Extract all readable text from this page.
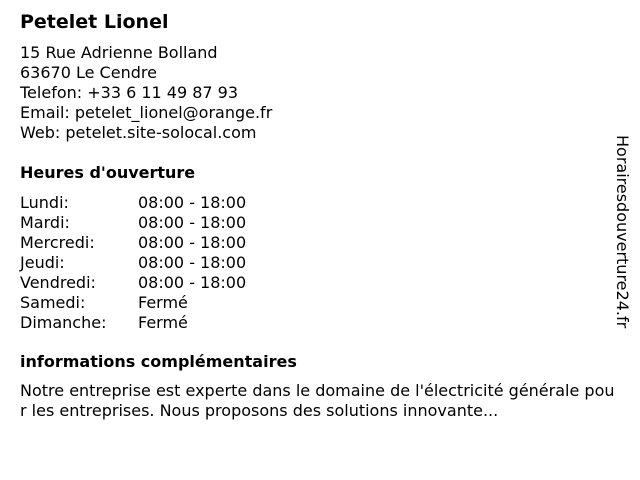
Petelet Lionel
15 Rue Adrienne Bolland
63670 Le Cendre
Telefon: +33 6 11 49 87 93
Email: petelet_lionel@orange.fr
Web: petelet.site-solocal.com
Heures d'ouverture
Lundi:	08:00 - 18:00
Mardi:	08:00 - 18:00
Mercredi:	08:00 - 18:00
Jeudi:	08:00 - 18:00
Vendredi:	08:00 - 18:00
Samedi:	Fermé
Dimanche:	Fermé
informations complémentaires
Notre entreprise est experte dans le domaine de l'électricité générale pour les entreprises. Nous proposons des solutions innovante...
Horairesdouverture24.fr
